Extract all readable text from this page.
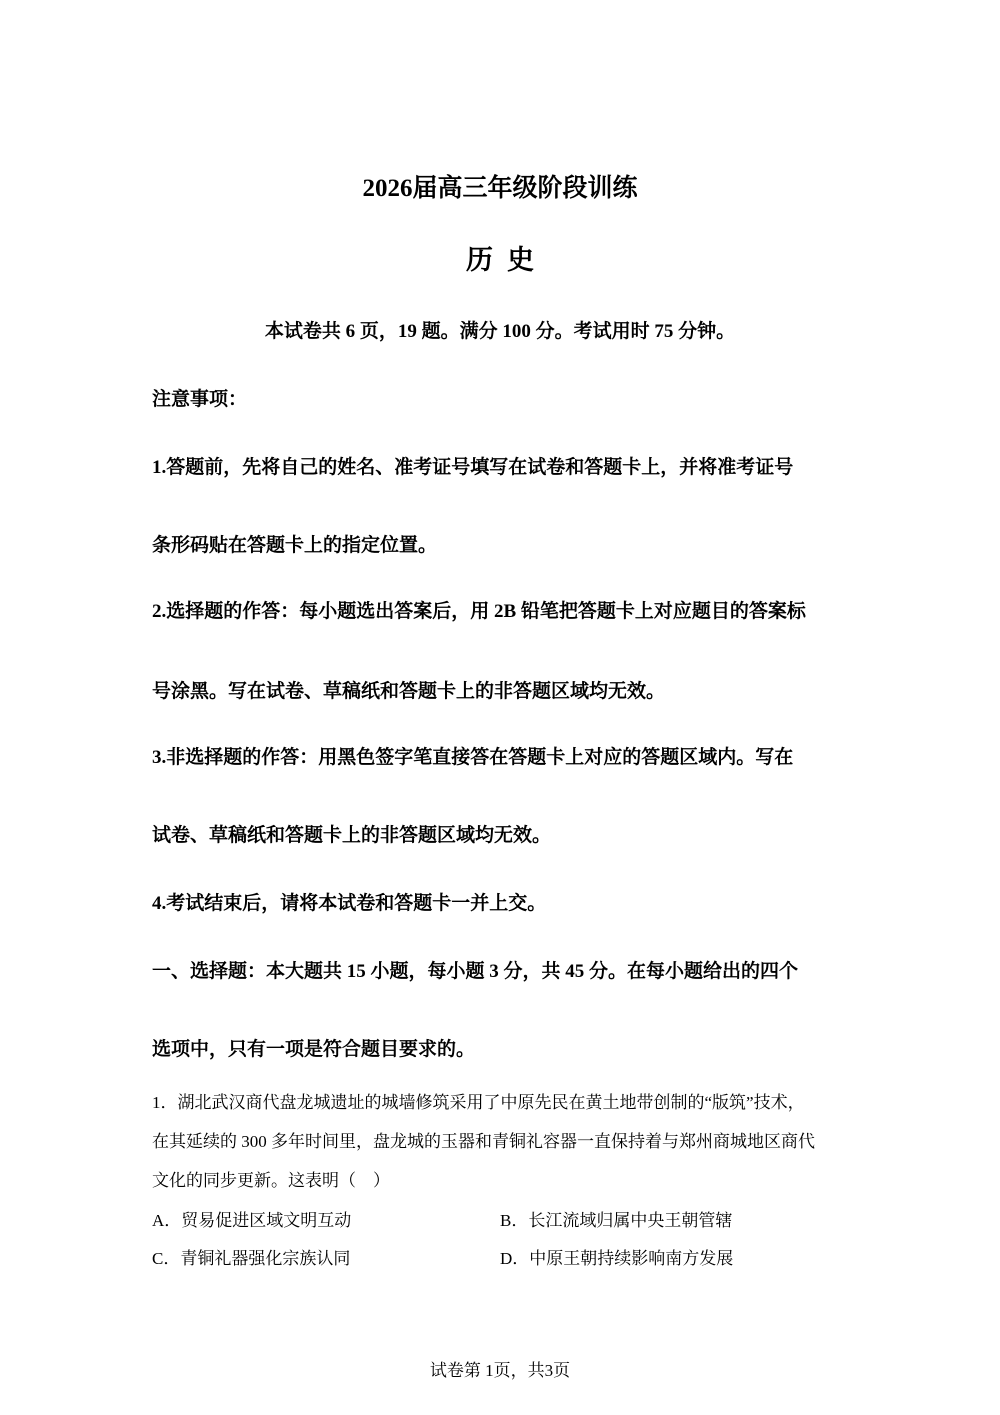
2026届高三年级阶段训练
历史
本试卷共 6 页，19 题。满分 100 分。考试用时 75 分钟。
注意事项：
1.答题前，先将自己的姓名、准考证号填写在试卷和答题卡上，并将准考证号
条形码贴在答题卡上的指定位置。
2.选择题的作答：每小题选出答案后，用 2B 铅笔把答题卡上对应题目的答案标
号涂黑。写在试卷、草稿纸和答题卡上的非答题区域均无效。
3.非选择题的作答：用黑色签字笔直接答在答题卡上对应的答题区域内。写在
试卷、草稿纸和答题卡上的非答题区域均无效。
4.考试结束后，请将本试卷和答题卡一并上交。
一、选择题：本大题共 15 小题，每小题 3 分，共 45 分。在每小题给出的四个
选项中，只有一项是符合题目要求的。
1．湖北武汉商代盘龙城遗址的城墙修筑采用了中原先民在黄土地带创制的“版筑”技术，
在其延续的 300 多年时间里，盘龙城的玉器和青铜礼容器一直保持着与郑州商城地区商代
文化的同步更新。这表明（　）
A．贸易促进区域文明互动	B．长江流域归属中央王朝管辖
C．青铜礼器强化宗族认同	D．中原王朝持续影响南方发展
试卷第 1页，共3页
